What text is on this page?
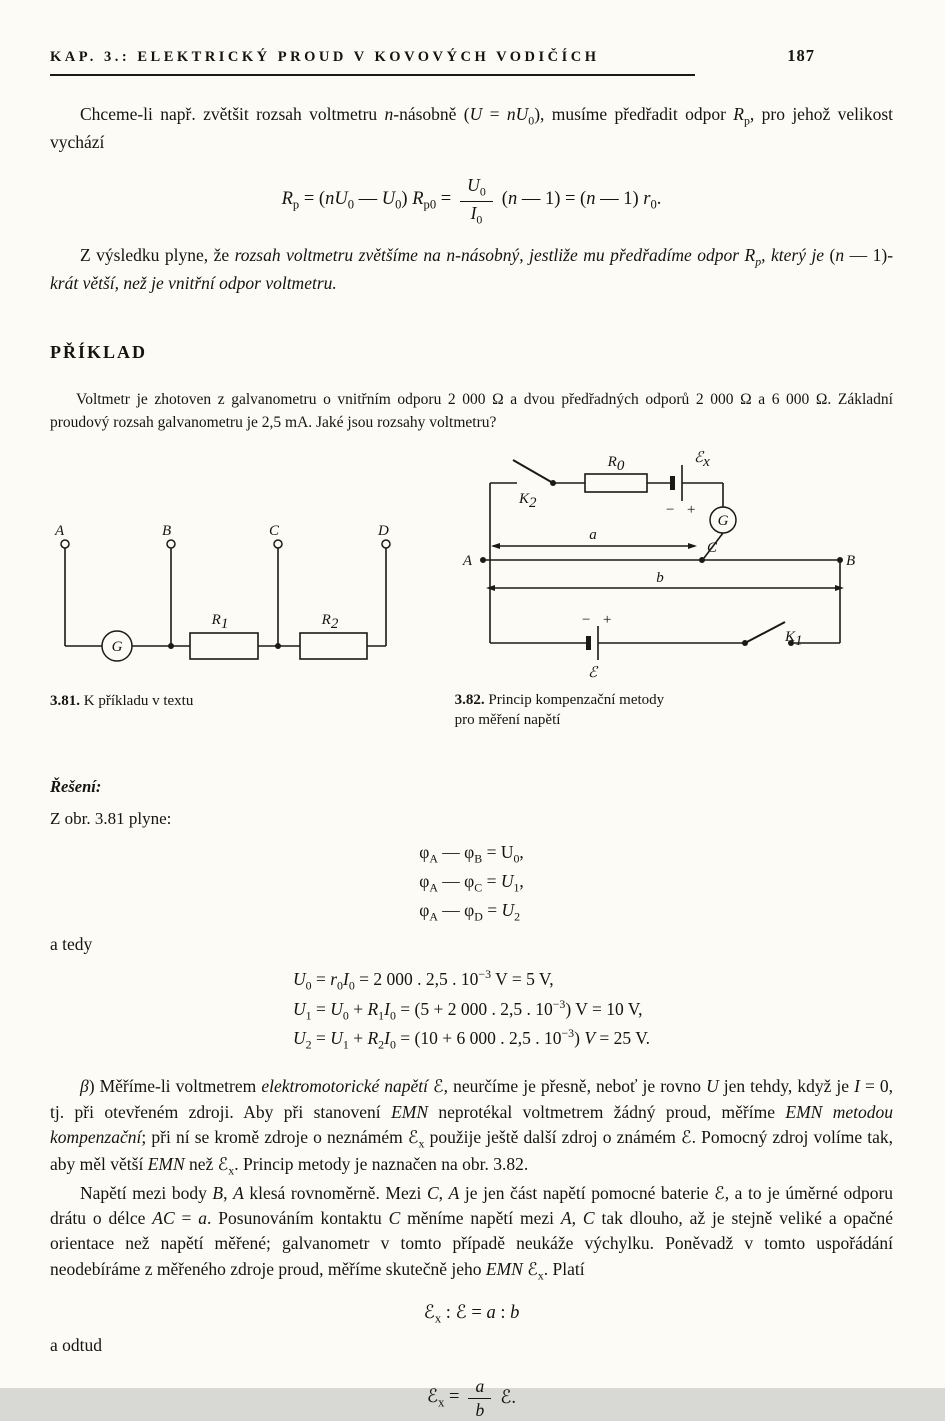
KAP. 3.: ELEKTRICKÝ PROUD V KOVOVÝCH VODIČÍCH	187

Chceme-li např. zvětšit rozsah voltmetru n-násobně $(U = nU_0)$, musíme předřadit odpor $R_p$, pro jehož velikost vychází

$R_p = (nU_0$ — $U_0$) $R_{p0} = \frac{U_0}{I_0} (n$ — 1) = (n — 1) $r_0$.

Z výsledku plyne, že rozsah voltmetru zvětšíme na n-násobný, jestliže mu předřadíme odpor $R_p$, který je (n — 1)-krát větší, než je vnitřní odpor voltmetru.

PŘÍKLAD

Voltmetr je zhotoven z galvanometru o vnitřním odporu 2 000 Ω a dvou předřadných odporů 2 000 Ω a 6 000 Ω. Základní proudový rozsah galvanometru je 2,5 mA. Jaké jsou rozsahy voltmetru?

A	B	C	D
G
R1	R2

3.81. K příkladu v textu

K2
R0
− +
ℰx
G
a
A	B
C
b
− +
ℰ
K1

3.82. Princip kompenzační metody
pro měření napětí

Řešení:

Z obr. 3.81 plyne:

$\varphi_A$ — $\varphi_B = U_0$,
$\varphi_A$ — $\varphi_C = U_1$,
$\varphi_A$ — $\varphi_D = U_2$

a tedy

$U_0 = r_0I_0 = 2$ 000 . 2,5 . $10^{-3}$ V = 5 V,
$U_1 = U_0 + R_1I_0 = (5 + 2$ 000 . 2,5 . $10^{-3}$) V = 10 V,
$U_2 = U_1 + R_2I_0 = (10 + 6$ 000 . 2,5 . $10^{-3}$) V = 25 V.

β) Měříme-li voltmetrem elektromotorické napětí ℰ, neurčíme je přesně, neboť je rovno U jen tehdy, když je I = 0, tj. při otevřeném zdroji. Aby při stanovení EMN neprotékal voltmetrem žádný proud, měříme EMN metodou kompenzační; při ní se kromě zdroje o neznámém ℰ$_x$ použije ještě další zdroj o známém ℰ. Pomocný zdroj volíme tak, aby měl větší EMN než ℰ$_x$. Princip metody je naznačen na obr. 3.82.

Napětí mezi body B, A klesá rovnoměrně. Mezi C, A je jen část napětí pomocné baterie ℰ, a to je úměrné odporu drátu o délce AC = a. Posunováním kontaktu C měníme napětí mezi A, C tak dlouho, až je stejně veliké a opačné orientace než napětí měřené; galvanometr v tomto případě neukáže výchylku. Poněvadž v tomto uspořádání neodebíráme z měřeného zdroje proud, měříme skutečně jeho EMN ℰ$_x$. Platí

ℰ$_x$ : ℰ = a : b

a odtud

ℰ$_x$ = $\frac{a}{b}$ ℰ.
